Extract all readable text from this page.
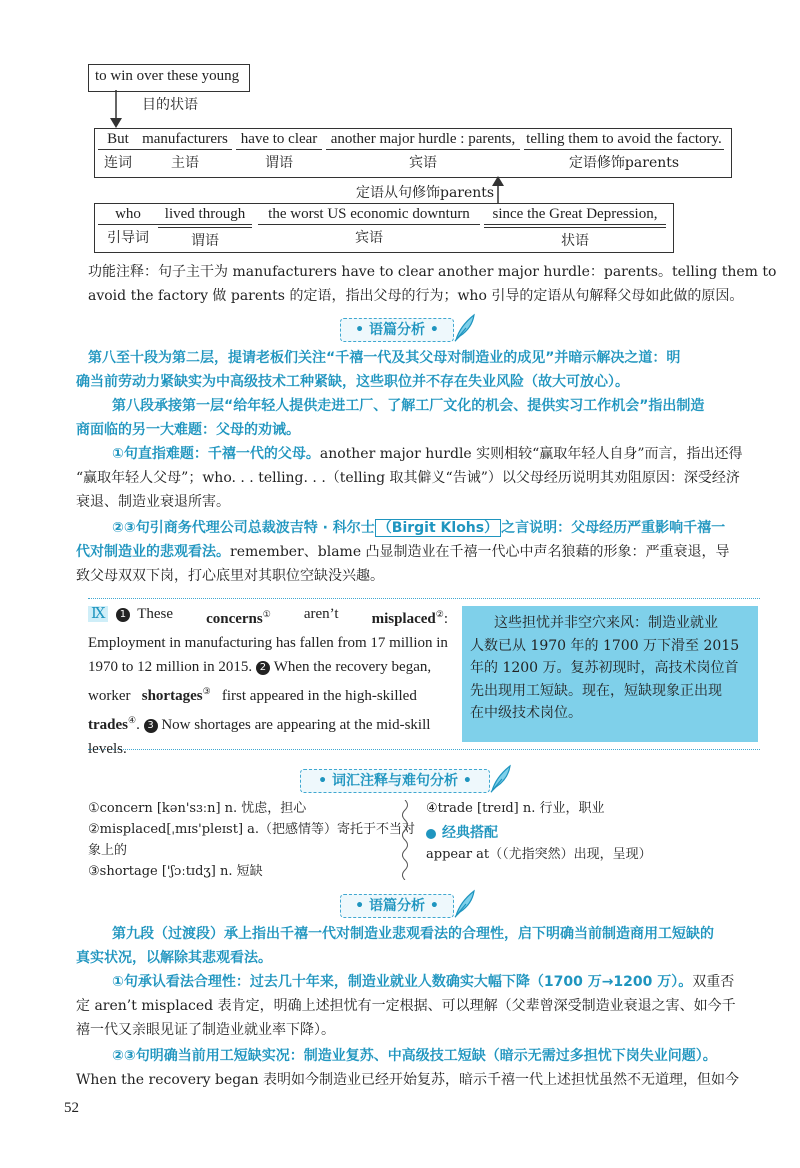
to win over these young
目的状语
But
连词
manufacturers
主语
have to clear
谓语
another major hurdle : parents,
宾语
telling them to avoid the factory.
定语修饰parents
定语从句修饰parents
who
引导词
lived through
谓语
the worst US economic downturn
宾语
since the Great Depression,
状语
功能注释：句子主干为 manufacturers have to clear another major hurdle：parents。telling them to
avoid the factory 做 parents 的定语，指出父母的行为；who 引导的定语从句解释父母如此做的原因。
• 语篇分析 •
第八至十段为第二层，提请老板们关注“千禧一代及其父母对制造业的成见”并暗示解决之道：明
确当前劳动力紧缺实为中高级技术工种紧缺，这些职位并不存在失业风险（故大可放心）。
第八段承接第一层“给年轻人提供走进工厂、了解工厂文化的机会、提供实习工作机会”指出制造
商面临的另一大难题：父母的劝诫。
①句直指难题：千禧一代的父母。another major hurdle 实则相较“赢取年轻人自身”而言，指出还得
“赢取年轻人父母”；who. . . telling. . .（telling 取其僻义“告诫”）以父母经历说明其劝阻原因：深受经济
衰退、制造业衰退所害。
②③句引商务代理公司总裁波吉特 · 科尔士 （Birgit Klohs） 之言说明：父母经历严重影响千禧一
代对制造业的悲观看法。remember、blame 凸显制造业在千禧一代心中声名狼藉的形象：严重衰退，导
致父母双双下岗，打心底里对其职位空缺没兴趣。
Ⅸ 1 These concerns① aren’t misplaced②:
Employment in manufacturing has fallen from 17 million in
1970 to 12 million in 2015. 2 When the recovery began,
worker shortages③ first appeared in the high-skilled
trades④. 3 Now shortages are appearing at the mid-skill
levels.
这些担忧并非空穴来风：制造业就业
人数已从 1970 年的 1700 万下滑至 2015
年的 1200 万。复苏初现时，高技术岗位首
先出现用工短缺。现在，短缺现象正出现
在中级技术岗位。
• 词汇注释与难句分析 •
①concern [kən'sɜːn] n. 忧虑，担心
②misplaced[ˌmɪs'pleɪst] a.（把感情等）寄托于不当对
象上的
③shortage ['ʃɔːtɪdʒ] n. 短缺
④trade [treɪd] n. 行业，职业
经典搭配
appear at（（尤指突然）出现，呈现）
• 语篇分析 •
第九段（过渡段）承上指出千禧一代对制造业悲观看法的合理性，启下明确当前制造商用工短缺的
真实状况，以解除其悲观看法。
①句承认看法合理性：过去几十年来，制造业就业人数确实大幅下降（1700 万→1200 万）。双重否
定 aren’t misplaced 表肯定，明确上述担忧有一定根据、可以理解（父辈曾深受制造业衰退之害、如今千
禧一代又亲眼见证了制造业就业率下降）。
②③句明确当前用工短缺实况：制造业复苏、中高级技工短缺（暗示无需过多担忧下岗失业问题）。
When the recovery began 表明如今制造业已经开始复苏，暗示千禧一代上述担忧虽然不无道理，但如今
52
